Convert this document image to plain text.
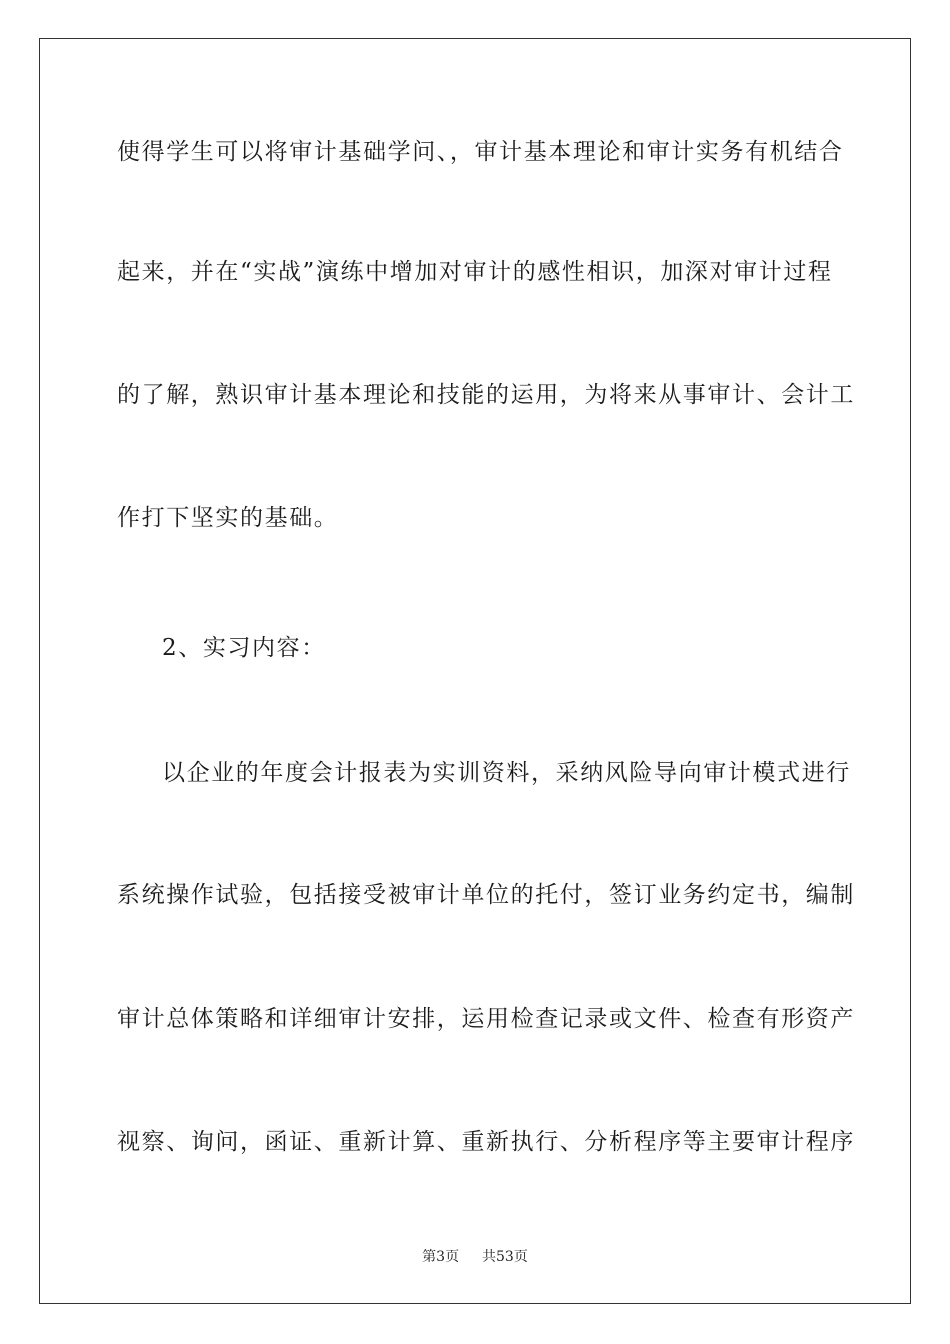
使得学生可以将审计基础学问、，审计基本理论和审计实务有机结合
起来，并在“实战”演练中增加对审计的感性相识，加深对审计过程
的了解，熟识审计基本理论和技能的运用，为将来从事审计、会计工
作打下坚实的基础。
2、实习内容：
以企业的年度会计报表为实训资料，采纳风险导向审计模式进行
系统操作试验，包括接受被审计单位的托付，签订业务约定书，编制
审计总体策略和详细审计安排，运用检查记录或文件、检查有形资产
视察、询问，函证、重新计算、重新执行、分析程序等主要审计程序
第3页 共53页
